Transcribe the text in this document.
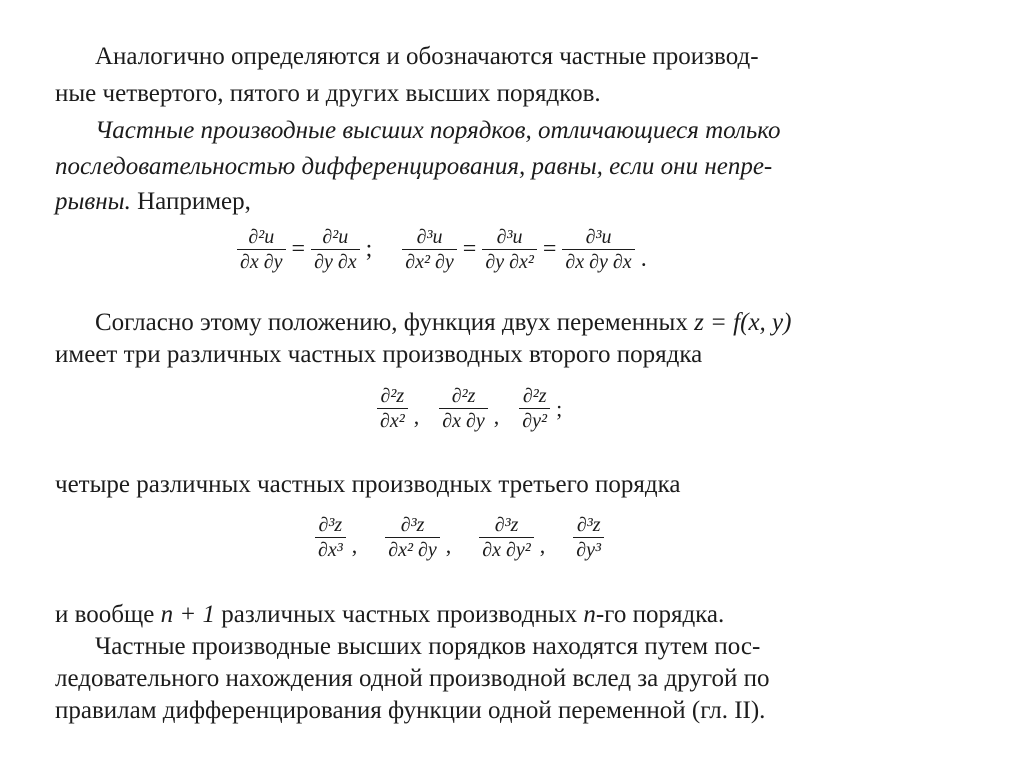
Аналогично определяются и обозначаются частные производ-
ные четвертого, пятого и других высших порядков.
Частные производные высших порядков, отличающиеся только
последовательностью дифференцирования, равны, если они непре-
рывны. Например,
$\frac{\text{∂²u}}{\partial x \partial y} = \frac{\text{∂²u}}{\partial y \partial x}$ ; $\frac{\text{∂³u}}{\text{∂x² ∂y}} = \frac{\text{∂³u}}{\text{∂y ∂x²}} = \frac{\text{∂³u}}{\partial x \partial y \partial x}$ .
Согласно этому положению, функция двух переменных z = f(x, y)
имеет три различных частных производных второго порядка
$\frac{\text{∂²z}}{\text{∂x²}}$ , $\frac{\text{∂²z}}{\partial x \partial y}$ , $\frac{\text{∂²z}}{\text{∂y²}}$ ;
четыре различных частных производных третьего порядка
$\frac{\text{∂³z}}{\text{∂x³}}$ , $\frac{\text{∂³z}}{\text{∂x² ∂y}}$ , $\frac{\text{∂³z}}{\text{∂x ∂y²}}$ , $\frac{\text{∂³z}}{\text{∂y³}}$
и вообще n + 1 различных частных производных n-го порядка.
Частные производные высших порядков находятся путем пос-
ледовательного нахождения одной производной вслед за другой по
правилам дифференцирования функции одной переменной (гл. II).
